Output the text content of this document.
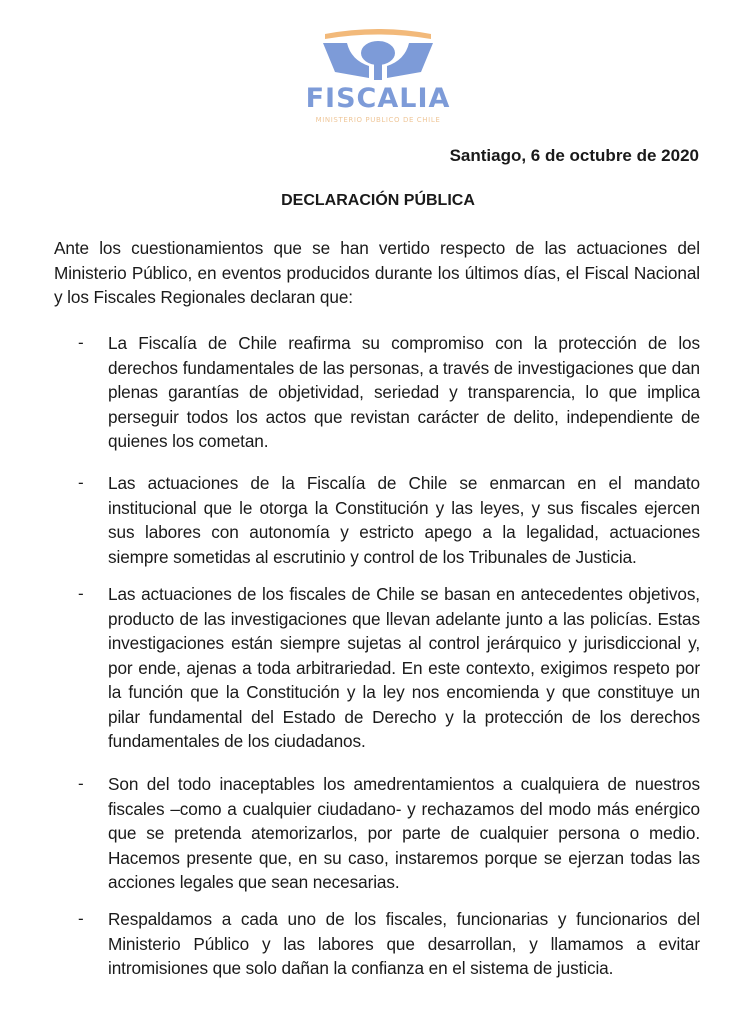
FISCALIA
MINISTERIO PUBLICO DE CHILE
Santiago, 6 de octubre de 2020
DECLARACIÓN PÚBLICA
Ante los cuestionamientos que se han vertido respecto de las actuaciones del Ministerio Público, en eventos producidos durante los últimos días, el Fiscal Nacional y los Fiscales Regionales declaran que:
- La Fiscalía de Chile reafirma su compromiso con la protección de los derechos fundamentales de las personas, a través de investigaciones que dan plenas garantías de objetividad, seriedad y transparencia, lo que implica perseguir todos los actos que revistan carácter de delito, independiente de quienes los cometan.
- Las actuaciones de la Fiscalía de Chile se enmarcan en el mandato institucional que le otorga la Constitución y las leyes, y sus fiscales ejercen sus labores con autonomía y estricto apego a la legalidad, actuaciones siempre sometidas al escrutinio y control de los Tribunales de Justicia.
- Las actuaciones de los fiscales de Chile se basan en antecedentes objetivos, producto de las investigaciones que llevan adelante junto a las policías. Estas investigaciones están siempre sujetas al control jerárquico y jurisdiccional y, por ende, ajenas a toda arbitrariedad. En este contexto, exigimos respeto por la función que la Constitución y la ley nos encomienda y que constituye un pilar fundamental del Estado de Derecho y la protección de los derechos fundamentales de los ciudadanos.
- Son del todo inaceptables los amedrentamientos a cualquiera de nuestros fiscales –como a cualquier ciudadano- y rechazamos del modo más enérgico que se pretenda atemorizarlos, por parte de cualquier persona o medio. Hacemos presente que, en su caso, instaremos porque se ejerzan todas las acciones legales que sean necesarias.
- Respaldamos a cada uno de los fiscales, funcionarias y funcionarios del Ministerio Público y las labores que desarrollan, y llamamos a evitar intromisiones que solo dañan la confianza en el sistema de justicia.
